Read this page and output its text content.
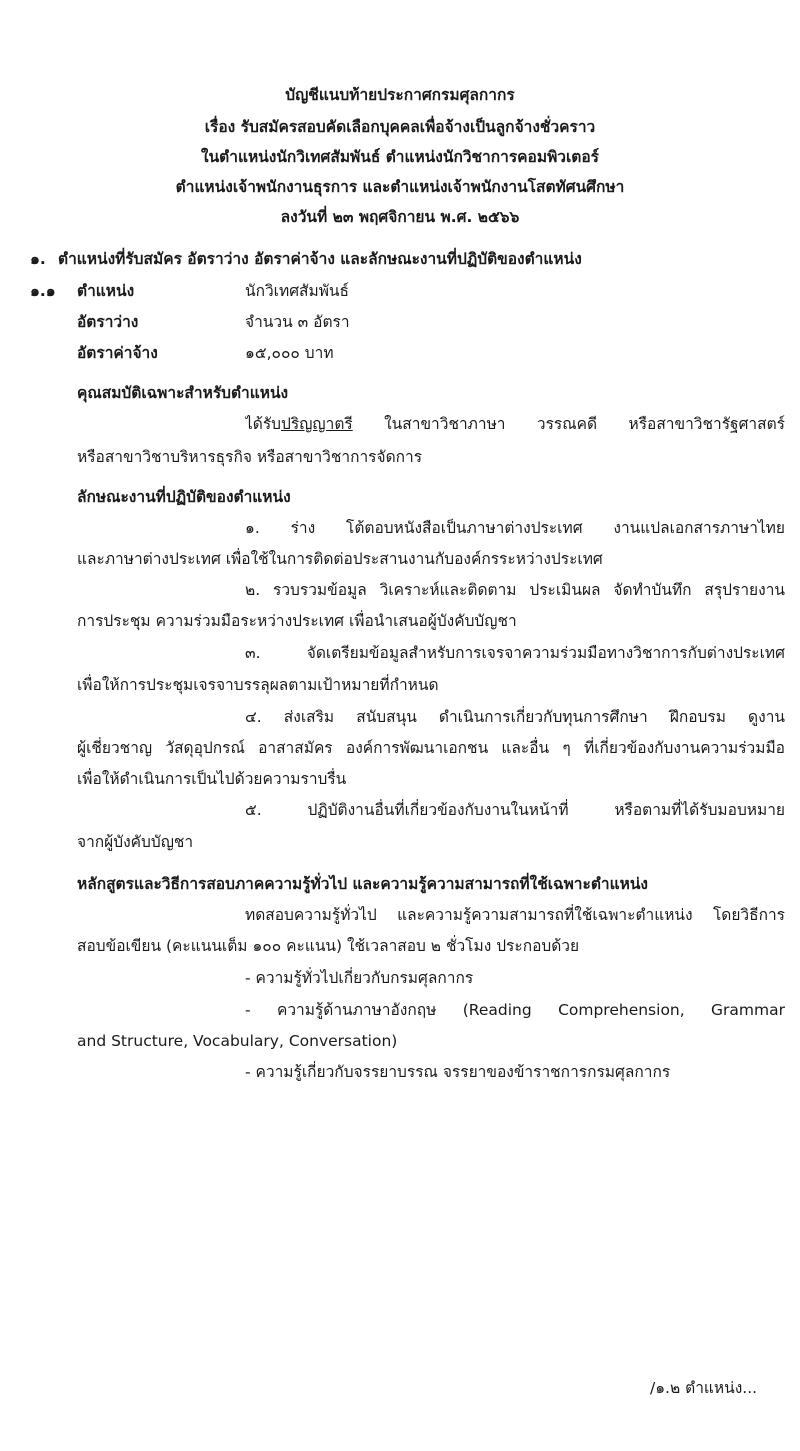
บัญชีแนบท้ายประกาศกรมศุลกากร
เรื่อง รับสมัครสอบคัดเลือกบุคคลเพื่อจ้างเป็นลูกจ้างชั่วคราว
ในตำแหน่งนักวิเทศสัมพันธ์ ตำแหน่งนักวิชาการคอมพิวเตอร์
ตำแหน่งเจ้าพนักงานธุรการ และตำแหน่งเจ้าพนักงานโสตทัศนศึกษา
ลงวันที่ ๒๓ พฤศจิกายน พ.ศ. ๒๕๖๖
๑. ตำแหน่งที่รับสมัคร อัตราว่าง อัตราค่าจ้าง และลักษณะงานที่ปฏิบัติของตำแหน่ง
๑.๑ ตำแหน่ง	นักวิเทศสัมพันธ์
อัตราว่าง	จำนวน ๓ อัตรา
อัตราค่าจ้าง	๑๕,๐๐๐ บาท
คุณสมบัติเฉพาะสำหรับตำแหน่ง
ได้รับปริญญาตรี ในสาขาวิชาภาษา วรรณคดี หรือสาขาวิชารัฐศาสตร์
หรือสาขาวิชาบริหารธุรกิจ หรือสาขาวิชาการจัดการ
ลักษณะงานที่ปฏิบัติของตำแหน่ง
๑. ร่าง โต้ตอบหนังสือเป็นภาษาต่างประเทศ งานแปลเอกสารภาษาไทย
และภาษาต่างประเทศ เพื่อใช้ในการติดต่อประสานงานกับองค์กรระหว่างประเทศ
๒. รวบรวมข้อมูล วิเคราะห์และติดตาม ประเมินผล จัดทำบันทึก สรุปรายงาน
การประชุม ความร่วมมือระหว่างประเทศ เพื่อนำเสนอผู้บังคับบัญชา
๓. จัดเตรียมข้อมูลสำหรับการเจรจาความร่วมมือทางวิชาการกับต่างประเทศ
เพื่อให้การประชุมเจรจาบรรลุผลตามเป้าหมายที่กำหนด
๔. ส่งเสริม สนับสนุน ดำเนินการเกี่ยวกับทุนการศึกษา ฝึกอบรม ดูงาน
ผู้เชี่ยวชาญ วัสดุอุปกรณ์ อาสาสมัคร องค์การพัฒนาเอกชน และอื่น ๆ ที่เกี่ยวข้องกับงานความร่วมมือ
เพื่อให้ดำเนินการเป็นไปด้วยความราบรื่น
๕. ปฏิบัติงานอื่นที่เกี่ยวข้องกับงานในหน้าที่ หรือตามที่ได้รับมอบหมาย
จากผู้บังคับบัญชา
หลักสูตรและวิธีการสอบภาคความรู้ทั่วไป และความรู้ความสามารถที่ใช้เฉพาะตำแหน่ง
ทดสอบความรู้ทั่วไป และความรู้ความสามารถที่ใช้เฉพาะตำแหน่ง โดยวิธีการ
สอบข้อเขียน (คะแนนเต็ม ๑๐๐ คะแนน) ใช้เวลาสอบ ๒ ชั่วโมง ประกอบด้วย
- ความรู้ทั่วไปเกี่ยวกับกรมศุลกากร
- ความรู้ด้านภาษาอังกฤษ (Reading Comprehension, Grammar
and Structure, Vocabulary, Conversation)
- ความรู้เกี่ยวกับจรรยาบรรณ จรรยาของข้าราชการกรมศุลกากร
/๑.๒ ตำแหน่ง...
